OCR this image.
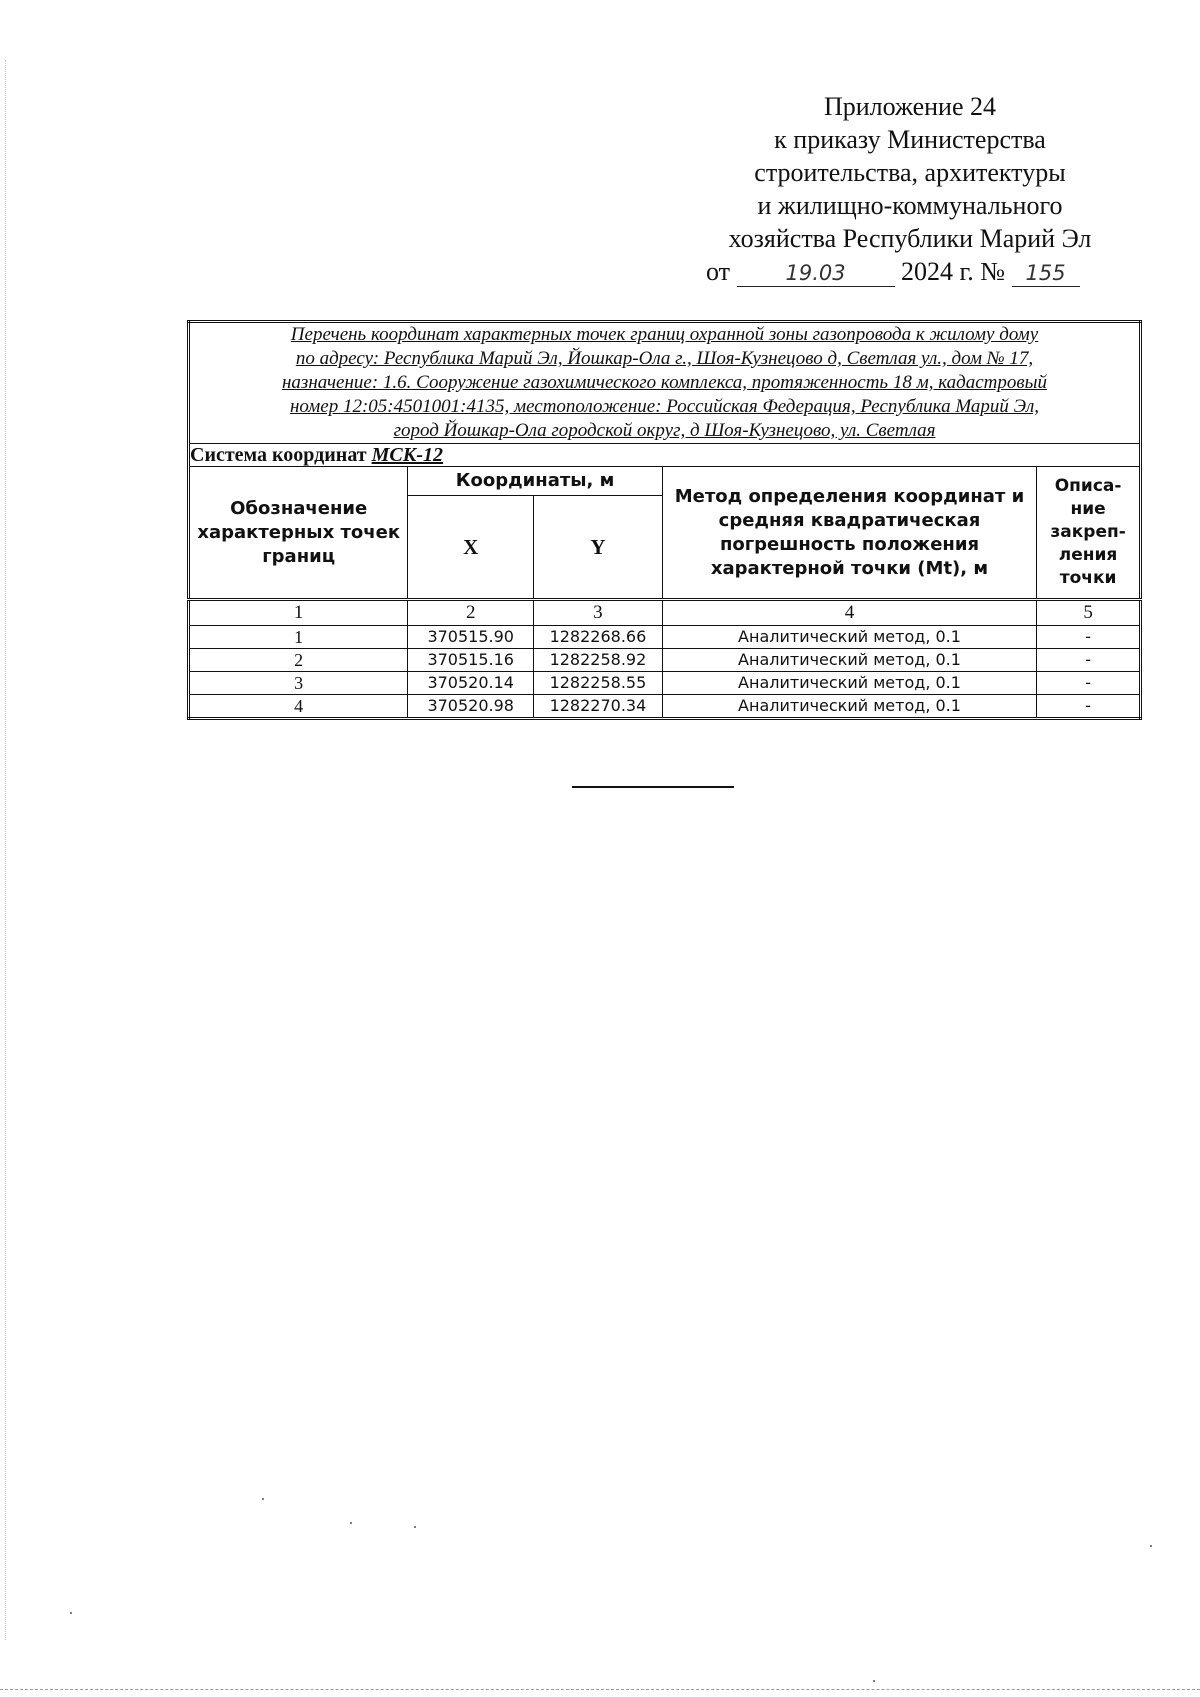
Приложение 24
к приказу Министерства
строительства, архитектуры
и жилищно-коммунального
хозяйства Республики Марий Эл
от	19.03 2024 г. № 155
Перечень координат характерных точек границ охранной зоны газопровода к жилому дому
по адресу: Республика Марий Эл, Йошкар-Ола г., Шоя-Кузнецово д, Светлая ул., дом № 17,
назначение: 1.6. Сооружение газохимического комплекса, протяженность 18 м, кадастровый
номер 12:05:4501001:4135, местоположение: Российская Федерация, Республика Марий Эл,
город Йошкар-Ола городской округ, д Шоя-Кузнецово, ул. Светлая				

Система координат МСК-12				
Обозначение характерных точек границ	Координаты, м		Метод определения координат и средняя квадратическая погрешность положения характерной точки (Mt), м	Описа-ние закреп-ления точки
	X	Y		
1	2	3	4	5
1	370515.90	1282268.66	Аналитический метод, 0.1	-
2	370515.16	1282258.92	Аналитический метод, 0.1	-
3	370520.14	1282258.55	Аналитический метод, 0.1	-
4	370520.98	1282270.34	Аналитический метод, 0.1	-
